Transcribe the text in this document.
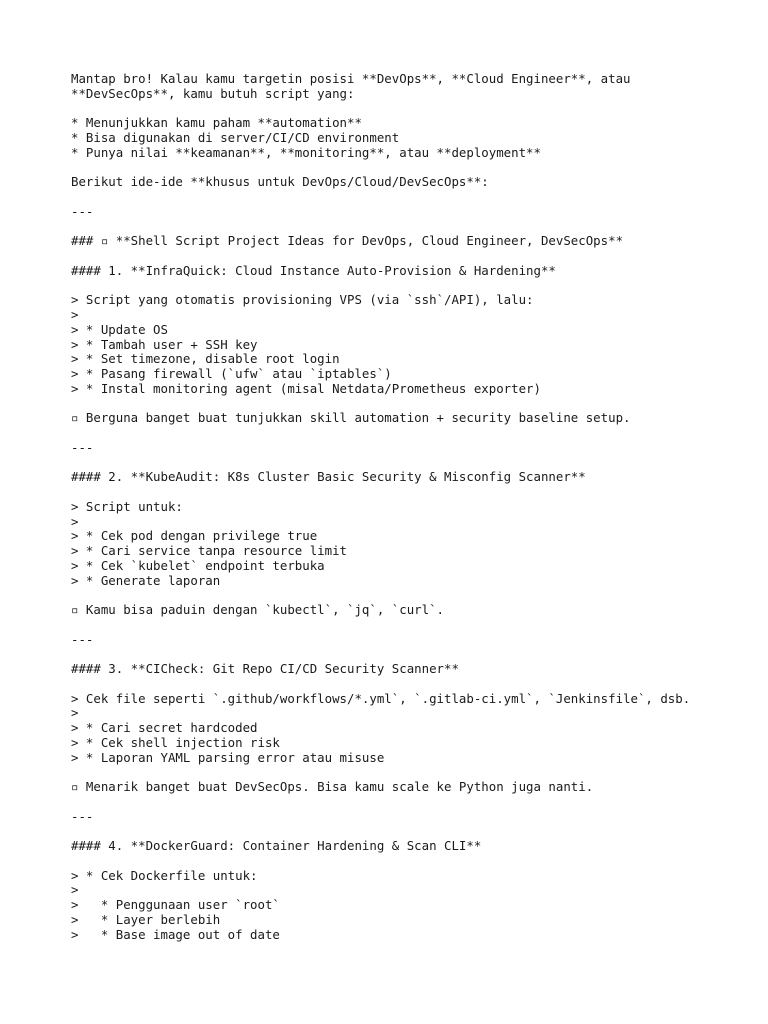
Mantap bro! Kalau kamu targetin posisi **DevOps**, **Cloud Engineer**, atau
**DevSecOps**, kamu butuh script yang:
* Menunjukkan kamu paham **automation**
* Bisa digunakan di server/CI/CD environment
* Punya nilai **keamanan**, **monitoring**, atau **deployment**
Berikut ide-ide **khusus untuk DevOps/Cloud/DevSecOps**:
---
### ▫ **Shell Script Project Ideas for DevOps, Cloud Engineer, DevSecOps**
#### 1. **InfraQuick: Cloud Instance Auto-Provision & Hardening**
> Script yang otomatis provisioning VPS (via `ssh`/API), lalu:
>
> * Update OS
> * Tambah user + SSH key
> * Set timezone, disable root login
> * Pasang firewall (`ufw` atau `iptables`)
> * Instal monitoring agent (misal Netdata/Prometheus exporter)
▫ Berguna banget buat tunjukkan skill automation + security baseline setup.
---
#### 2. **KubeAudit: K8s Cluster Basic Security & Misconfig Scanner**
> Script untuk:
>
> * Cek pod dengan privilege true
> * Cari service tanpa resource limit
> * Cek `kubelet` endpoint terbuka
> * Generate laporan
▫ Kamu bisa paduin dengan `kubectl`, `jq`, `curl`.
---
#### 3. **CICheck: Git Repo CI/CD Security Scanner**
> Cek file seperti `.github/workflows/*.yml`, `.gitlab-ci.yml`, `Jenkinsfile`, dsb.
>
> * Cari secret hardcoded
> * Cek shell injection risk
> * Laporan YAML parsing error atau misuse
▫ Menarik banget buat DevSecOps. Bisa kamu scale ke Python juga nanti.
---
#### 4. **DockerGuard: Container Hardening & Scan CLI**
> * Cek Dockerfile untuk:
>
>   * Penggunaan user `root`
>   * Layer berlebih
>   * Base image out of date
